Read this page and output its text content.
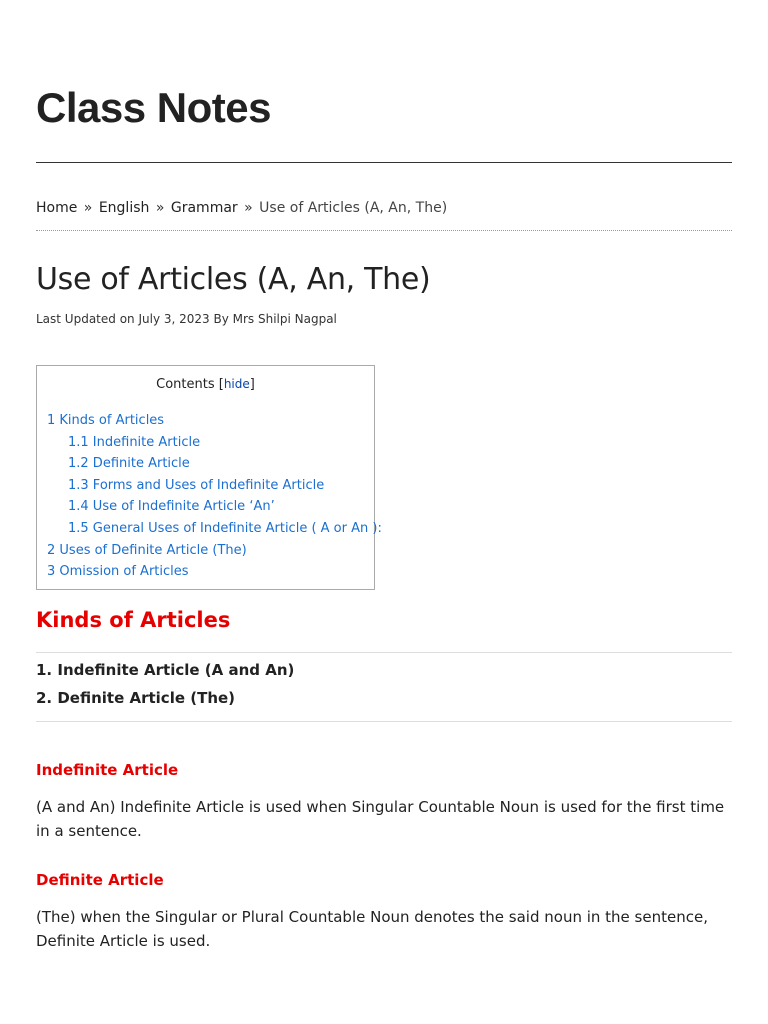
Class Notes
Home » English » Grammar » Use of Articles (A, An, The)
Use of Articles (A, An, The)
Last Updated on July 3, 2023 By Mrs Shilpi Nagpal
Contents [hide]
1 Kinds of Articles
1.1 Indefinite Article
1.2 Definite Article
1.3 Forms and Uses of Indefinite Article
1.4 Use of Indefinite Article ‘An’
1.5 General Uses of Indefinite Article ( A or An ):
2 Uses of Definite Article (The)
3 Omission of Articles
Kinds of Articles
1. Indefinite Article (A and An)
2. Definite Article (The)
Indefinite Article

(A and An) Indefinite Article is used when Singular Countable Noun is used for the first time in a sentence.

Definite Article

(The) when the Singular or Plural Countable Noun denotes the said noun in the sentence, Definite Article is used.
